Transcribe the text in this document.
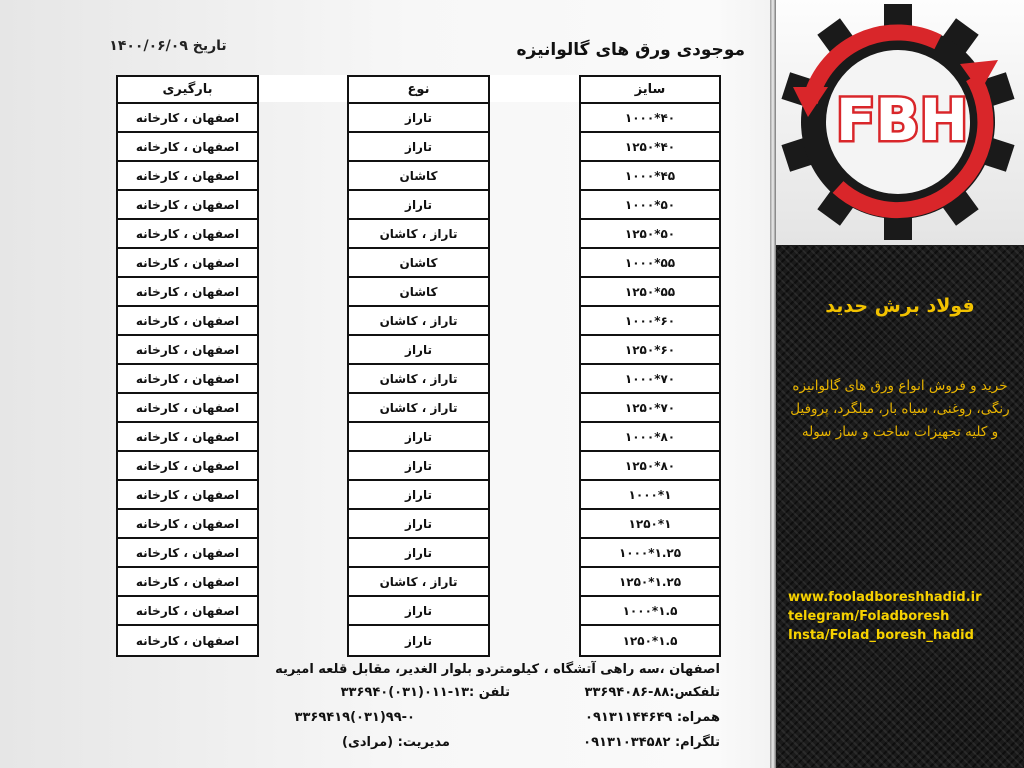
موجودی ورق های گالوانیزه
تاریخ ۱۴۰۰/۰۶/۰۹
سایز
۴۰*۱۰۰۰
۴۰*۱۲۵۰
۴۵*۱۰۰۰
۵۰*۱۰۰۰
۵۰*۱۲۵۰
۵۵*۱۰۰۰
۵۵*۱۲۵۰
۶۰*۱۰۰۰
۶۰*۱۲۵۰
۷۰*۱۰۰۰
۷۰*۱۲۵۰
۸۰*۱۰۰۰
۸۰*۱۲۵۰
۱*۱۰۰۰
۱*۱۲۵۰
۱.۲۵*۱۰۰۰
۱.۲۵*۱۲۵۰
۱.۵*۱۰۰۰
۱.۵*۱۲۵۰
نوع
تاراز
تاراز
کاشان
تاراز
تاراز ، کاشان
کاشان
کاشان
تاراز ، کاشان
تاراز
تاراز ، کاشان
تاراز ، کاشان
تاراز
تاراز
تاراز
تاراز
تاراز
تاراز ، کاشان
تاراز
تاراز
بارگیری
اصفهان ، کارخانه
اصفهان ، کارخانه
اصفهان ، کارخانه
اصفهان ، کارخانه
اصفهان ، کارخانه
اصفهان ، کارخانه
اصفهان ، کارخانه
اصفهان ، کارخانه
اصفهان ، کارخانه
اصفهان ، کارخانه
اصفهان ، کارخانه
اصفهان ، کارخانه
اصفهان ، کارخانه
اصفهان ، کارخانه
اصفهان ، کارخانه
اصفهان ، کارخانه
اصفهان ، کارخانه
اصفهان ، کارخانه
اصفهان ، کارخانه
اصفهان ،سه راهی آتشگاه ، کیلومتردو بلوار الغدیر، مقابل قلعه امیریه
تلفکس:۸۸-۳۳۶۹۴۰۸۶
تلفن :۱۳-۰۱۱(۰۳۱)۳۳۶۹۴۰
همراه: ۰۹۱۳۱۱۴۴۶۴۹
۹۹-۰(۰۳۱)۳۳۶۹۴۱۹
تلگرام: ۰۹۱۳۱۰۳۴۵۸۲
مدیریت: (مرادی)
FBH
فولاد برش حدید
خرید و فروش انواع ورق های گالوانیزه رنگی، روغنی، سیاه بار، میلگرد، پروفیل و کلیه تجهیزات ساخت و ساز سوله
www.fooladboreshhadid.ir
telegram/Foladboresh
Insta/Folad_boresh_hadid
